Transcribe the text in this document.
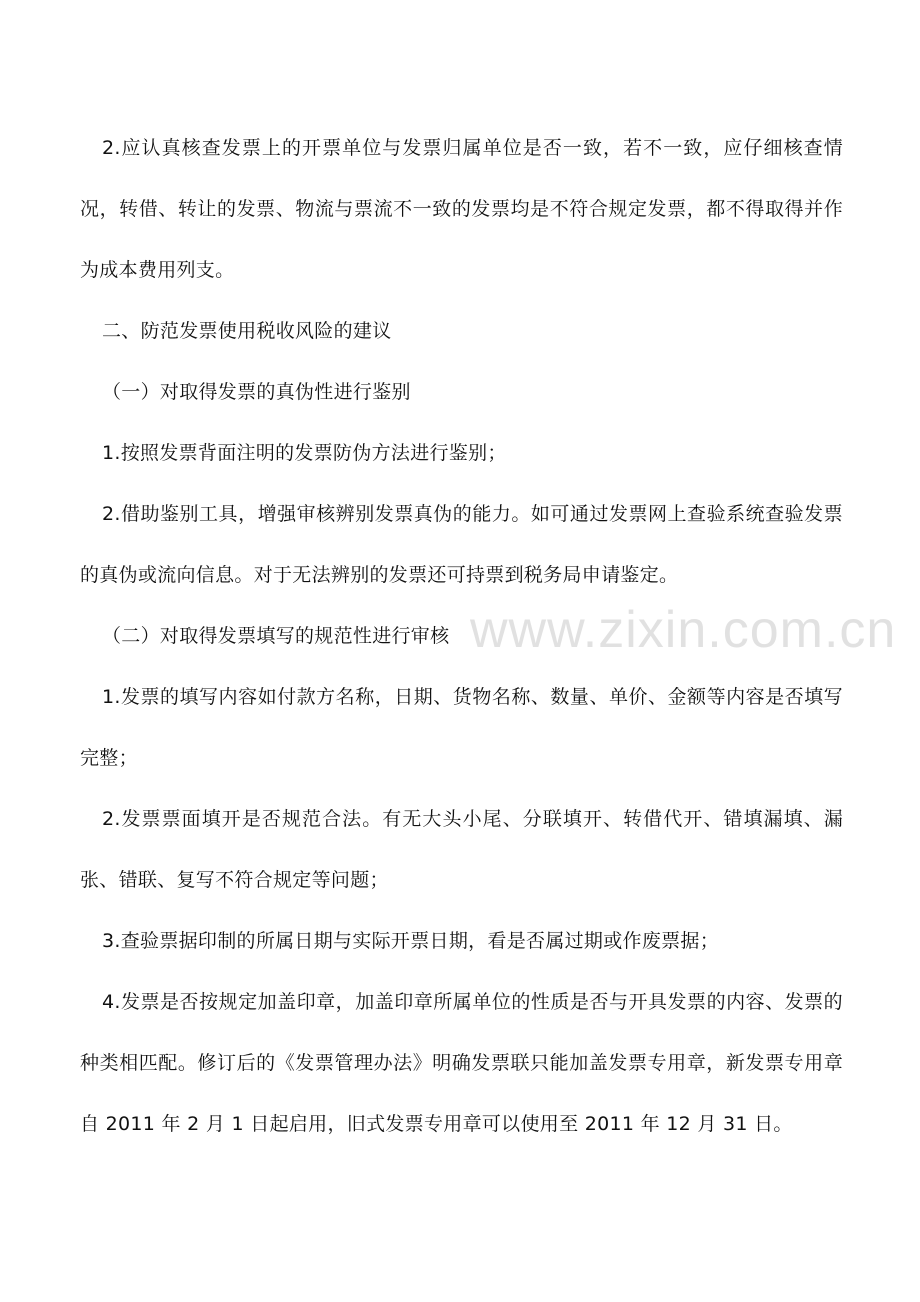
2.应认真核查发票上的开票单位与发票归属单位是否一致，若不一致，应仔细核查情况，转借、转让的发票、物流与票流不一致的发票均是不符合规定发票，都不得取得并作为成本费用列支。

二、防范发票使用税收风险的建议

（一）对取得发票的真伪性进行鉴别

1.按照发票背面注明的发票防伪方法进行鉴别；

2.借助鉴别工具，增强审核辨别发票真伪的能力。如可通过发票网上查验系统查验发票的真伪或流向信息。对于无法辨别的发票还可持票到税务局申请鉴定。

（二）对取得发票填写的规范性进行审核

1.发票的填写内容如付款方名称，日期、货物名称、数量、单价、金额等内容是否填写完整；

2.发票票面填开是否规范合法。有无大头小尾、分联填开、转借代开、错填漏填、漏张、错联、复写不符合规定等问题；

3.查验票据印制的所属日期与实际开票日期，看是否属过期或作废票据；

4.发票是否按规定加盖印章，加盖印章所属单位的性质是否与开具发票的内容、发票的种类相匹配。修订后的《发票管理办法》明确发票联只能加盖发票专用章，新发票专用章自 2011 年 2 月 1 日起启用，旧式发票专用章可以使用至 2011 年 12 月 31 日。

www.zixin.com.cn
